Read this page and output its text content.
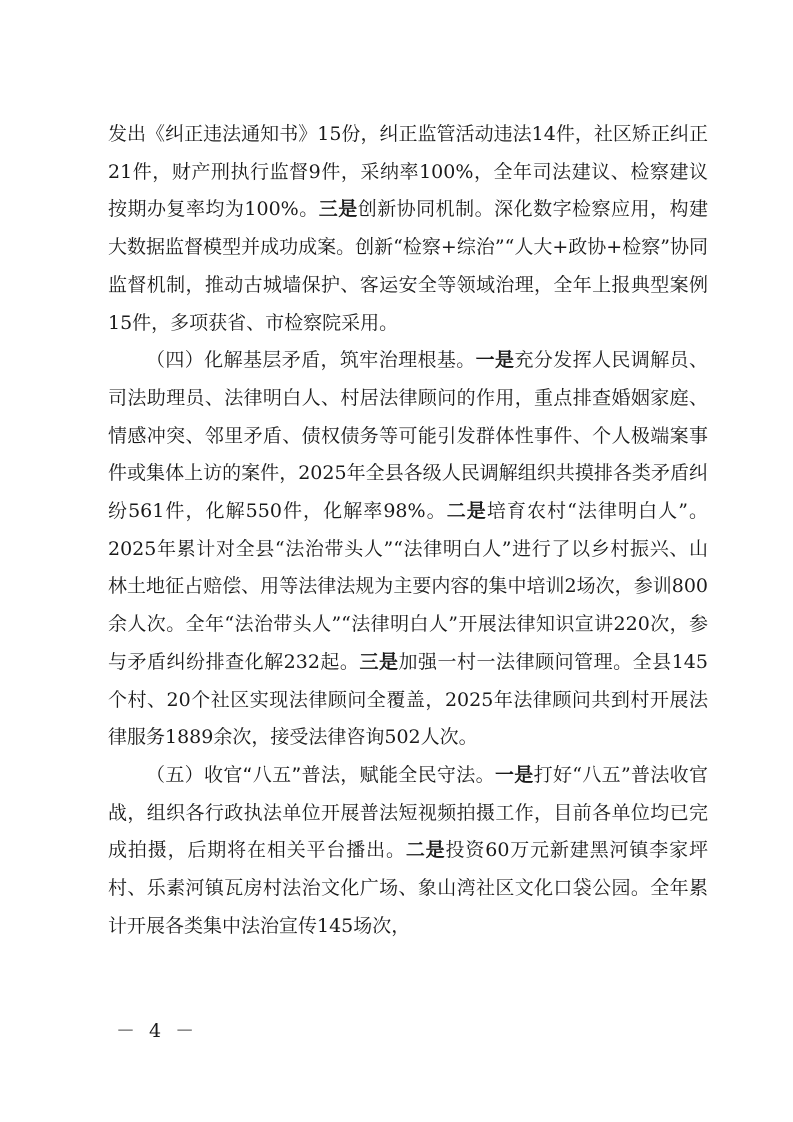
发出《纠正违法通知书》15份，纠正监管活动违法14件，社区矫正纠正21件，财产刑执行监督9件，采纳率100%，全年司法建议、检察建议按期办复率均为100%。三是创新协同机制。深化数字检察应用，构建大数据监督模型并成功成案。创新“检察+综治”“人大+政协+检察”协同监督机制，推动古城墙保护、客运安全等领域治理，全年上报典型案例15件，多项获省、市检察院采用。

（四）化解基层矛盾，筑牢治理根基。一是充分发挥人民调解员、司法助理员、法律明白人、村居法律顾问的作用，重点排查婚姻家庭、情感冲突、邻里矛盾、债权债务等可能引发群体性事件、个人极端案事件或集体上访的案件，2025年全县各级人民调解组织共摸排各类矛盾纠纷561件，化解550件，化解率98%。二是培育农村“法律明白人”。2025年累计对全县“法治带头人”“法律明白人”进行了以乡村振兴、山林土地征占赔偿、用等法律法规为主要内容的集中培训2场次，参训800余人次。全年“法治带头人”“法律明白人”开展法律知识宣讲220次，参与矛盾纠纷排查化解232起。三是加强一村一法律顾问管理。全县145个村、20个社区实现法律顾问全覆盖，2025年法律顾问共到村开展法律服务1889余次，接受法律咨询502人次。

（五）收官“八五”普法，赋能全民守法。一是打好“八五”普法收官战，组织各行政执法单位开展普法短视频拍摄工作，目前各单位均已完成拍摄，后期将在相关平台播出。二是投资60万元新建黑河镇李家坪村、乐素河镇瓦房村法治文化广场、象山湾社区文化口袋公园。全年累计开展各类集中法治宣传145场次，

－ 4 －
